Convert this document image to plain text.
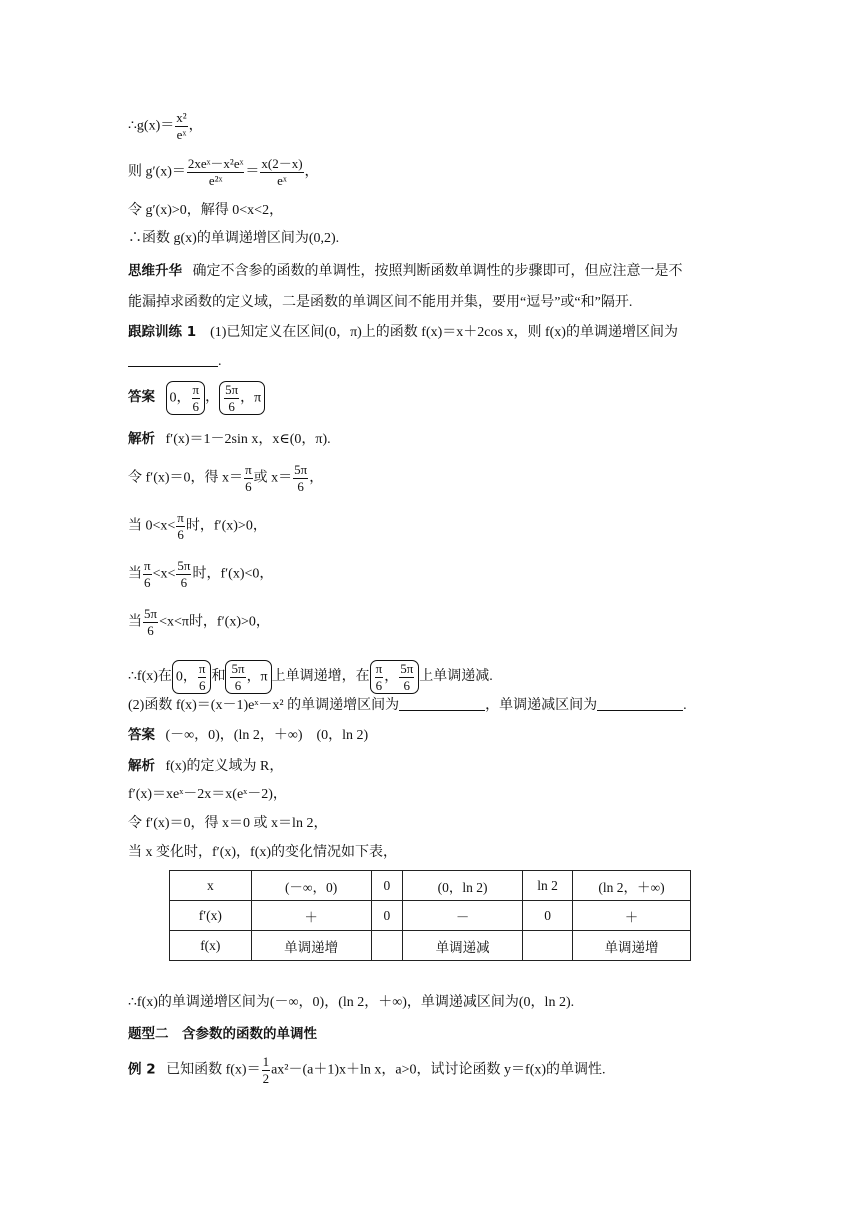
∴g(x)＝ $\frac{\text{x²}}{\text{eˣ}}$ ，
则 $g'(x)= \frac{\text{2xeˣ－x²eˣ}}{\text{e²ˣ}} = \frac{x(2-x)}{\text{eˣ}}$ ，
令 g′(x)>0，解得 0<x<2，
∴函数 g(x)的单调递增区间为(0,2).
思维升华 确定不含参的函数的单调性，按照判断函数单调性的步骤即可，但应注意一是不
能漏掉求函数的定义域，二是函数的单调区间不能用并集，要用“逗号”或“和”隔开.
跟踪训练 1 (1)已知定义在区间(0，π)上的函数 f(x)＝x＋2cos x，则 f(x)的单调递增区间为
.
答案 0， $\frac{\pi}{6}$ ， $\frac{5\pi}{6}$ ，π
解析 f′(x)＝1－2sin x，x∈(0，π).
令 f′(x)＝0，得 $x= \frac{\pi}{6}$ 或 $x= \frac{5\pi}{6}$ ，
当 $0<x< \frac{\pi}{6}$ 时，f′(x)>0，
当 $\frac{\pi}{6} <x< \frac{5\pi}{6}$ 时，f′(x)<0，
当 $\frac{5\pi}{6} <x<\pi$时，f′(x)>0，
∴f(x)在 0， $\frac{\pi}{6}$ 和 $\frac{5\pi}{6}$ ，π 上单调递增，在 $\frac{\pi}{6}$ ， $\frac{5\pi}{6}$ 上单调递减.
(2)函数 f(x)＝(x－1)eˣ－x² 的单调递增区间为	，单调递减区间为	.
答案 (－∞，0)，(ln 2，＋∞)　(0，ln 2)
解析 f(x)的定义域为 R，
f′(x)＝xeˣ－2x＝x(eˣ－2)，
令 f′(x)＝0，得 x＝0 或 x＝ln 2，
当 x 变化时，f′(x)，f(x)的变化情况如下表，
x	(－∞，0)	0	(0，ln 2)	ln 2	(ln 2，＋∞)
f′(x)	＋	0	－	0	＋
f(x)	单调递增		单调递减		单调递增
∴f(x)的单调递增区间为(－∞，0)，(ln 2，＋∞)，单调递减区间为(0，ln 2).
题型二　含参数的函数的单调性
例 2 已知函数 $f(x)= \frac{1}{2} ax^2-(a+1)x+\ln$ x，a>0，试讨论函数 y＝f(x)的单调性.
